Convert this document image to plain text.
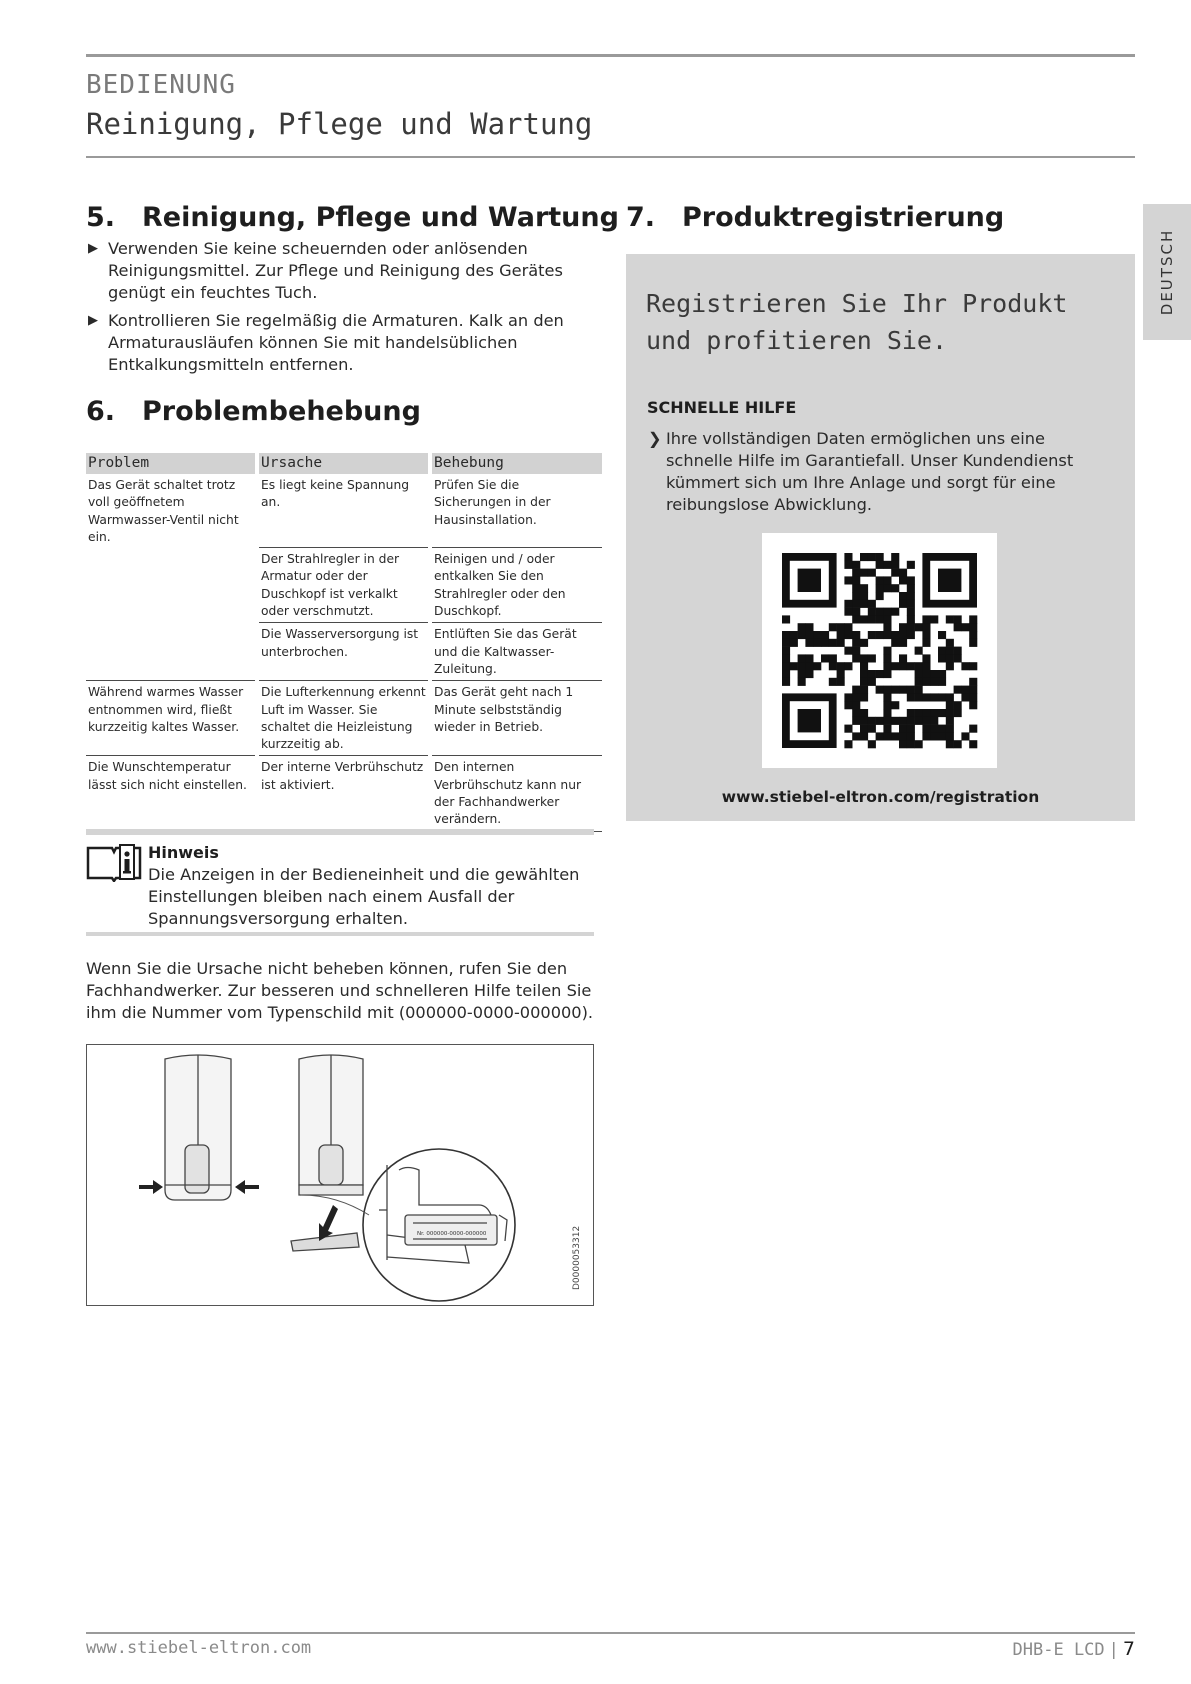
BEDIENUNG
Reinigung, Pflege und Wartung
DEUTSCH
5. Reinigung, Pflege und Wartung
▶ Verwenden Sie keine scheuernden oder anlösenden Reinigungsmittel. Zur Pflege und Reinigung des Gerätes genügt ein feuchtes Tuch.
▶ Kontrollieren Sie regelmäßig die Armaturen. Kalk an den Armaturausläufen können Sie mit handelsüblichen Entkalkungsmitteln entfernen.
6. Problembehebung
Problem	Ursache	Behebung
Das Gerät schaltet trotz voll geöffnetem Warmwasser-Ventil nicht ein.	Es liegt keine Spannung an.	Prüfen Sie die Sicherungen in der Hausinstallation.
	Der Strahlregler in der Armatur oder der Duschkopf ist verkalkt oder verschmutzt.	Reinigen und / oder entkalken Sie den Strahlregler oder den Duschkopf.
	Die Wasserversorgung ist unterbrochen.	Entlüften Sie das Gerät und die Kaltwasser-Zuleitung.
Während warmes Wasser entnommen wird, fließt kurzzeitig kaltes Wasser.	Die Lufterkennung erkennt Luft im Wasser. Sie schaltet die Heizleistung kurzzeitig ab.	Das Gerät geht nach 1 Minute selbstständig wieder in Betrieb.
Die Wunschtemperatur lässt sich nicht einstellen.	Der interne Verbrühschutz ist aktiviert.	Den internen Verbrühschutz kann nur der Fachhandwerker verändern.
Hinweis
Die Anzeigen in der Bedieneinheit und die gewählten Einstellungen bleiben nach einem Ausfall der Spannungsversorgung erhalten.
Wenn Sie die Ursache nicht beheben können, rufen Sie den Fachhandwerker. Zur besseren und schnelleren Hilfe teilen Sie ihm die Nummer vom Typenschild mit (000000-0000-000000).
Nr. 000000-0000-000000	D0000053312
7. Produktregistrierung
Registrieren Sie Ihr Produkt und profitieren Sie.
SCHNELLE HILFE
❯ Ihre vollständigen Daten ermöglichen uns eine schnelle Hilfe im Garantiefall. Unser Kundendienst kümmert sich um Ihre Anlage und sorgt für eine reibungslose Abwicklung.
www.stiebel-eltron.com/registration
www.stiebel-eltron.com	DHB-E LCD | 7
